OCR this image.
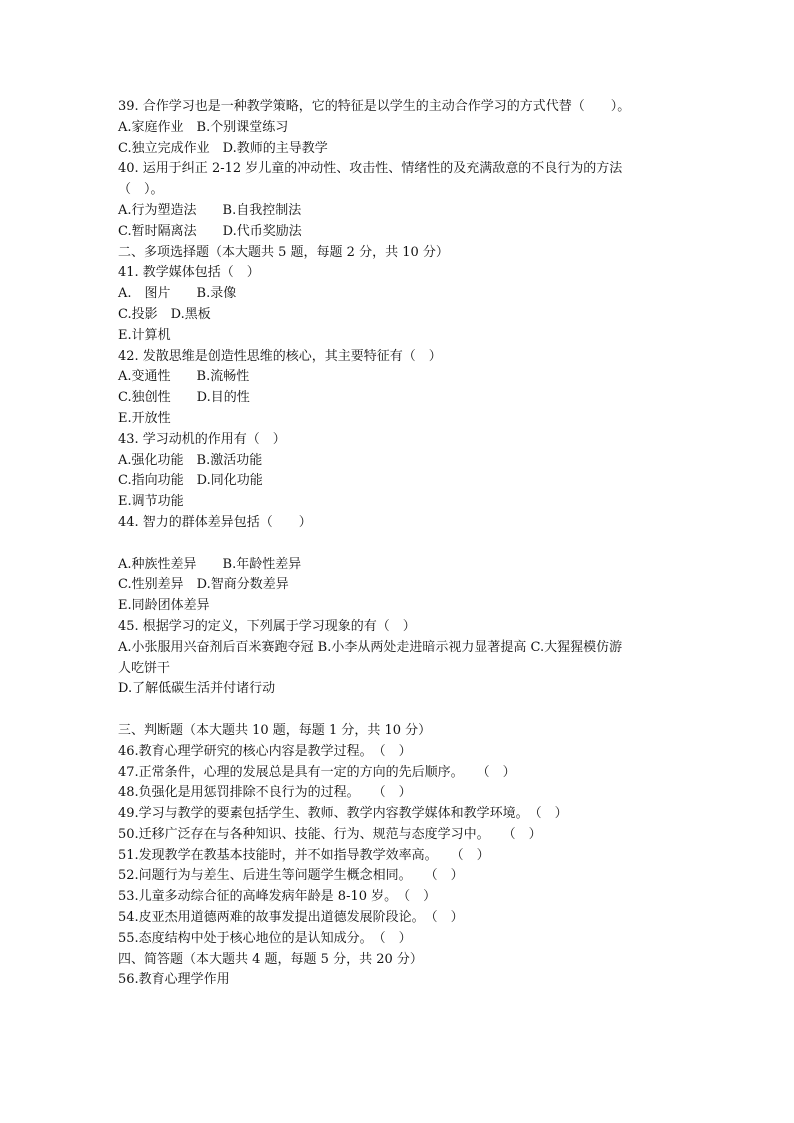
39. 合作学习也是一种教学策略，它的特征是以学生的主动合作学习的方式代替（　　）。
A.家庭作业　B.个别课堂练习
C.独立完成作业　D.教师的主导教学
40. 运用于纠正 2-12 岁儿童的冲动性、攻击性、情绪性的及充满敌意的不良行为的方法
（　）。
A.行为塑造法　　B.自我控制法
C.暂时隔离法　　D.代币奖励法
二、多项选择题（本大题共 5 题，每题 2 分，共 10 分）
41. 教学媒体包括（　）
A.　图片　　B.录像
C.投影　D.黑板
E.计算机
42. 发散思维是创造性思维的核心，其主要特征有（　）
A.变通性　　B.流畅性
C.独创性　　D.目的性
E.开放性
43. 学习动机的作用有（　）
A.强化功能　B.激活功能
C.指向功能　D.同化功能
E.调节功能
44. 智力的群体差异包括（　　）
A.种族性差异　　B.年龄性差异
C.性别差异　D.智商分数差异
E.同龄团体差异
45. 根据学习的定义，下列属于学习现象的有（　）
A.小张服用兴奋剂后百米赛跑夺冠 B.小李从两处走进暗示视力显著提高 C.大猩猩模仿游
人吃饼干
D.了解低碳生活并付诸行动
三、判断题（本大题共 10 题，每题 1 分，共 10 分）
46.教育心理学研究的核心内容是教学过程。　（　）
47.正常条件，心理的发展总是具有一定的方向的先后顺序。　　（　）
48.负强化是用惩罚排除不良行为的过程。　　（　）
49.学习与教学的要素包括学生、教师、教学内容教学媒体和教学环境。　（　）
50.迁移广泛存在与各种知识、技能、行为、规范与态度学习中。　　（　）
51.发现教学在教基本技能时，并不如指导教学效率高。　　（　）
52.问题行为与差生、后进生等问题学生概念相同。　　（　）
53.儿童多动综合征的高峰发病年龄是 8-10 岁。　（　）
54.皮亚杰用道德两难的故事发提出道德发展阶段论。　（　）
55.态度结构中处于核心地位的是认知成分。　（　）
四、简答题（本大题共 4 题，每题 5 分，共 20 分）
56.教育心理学作用
